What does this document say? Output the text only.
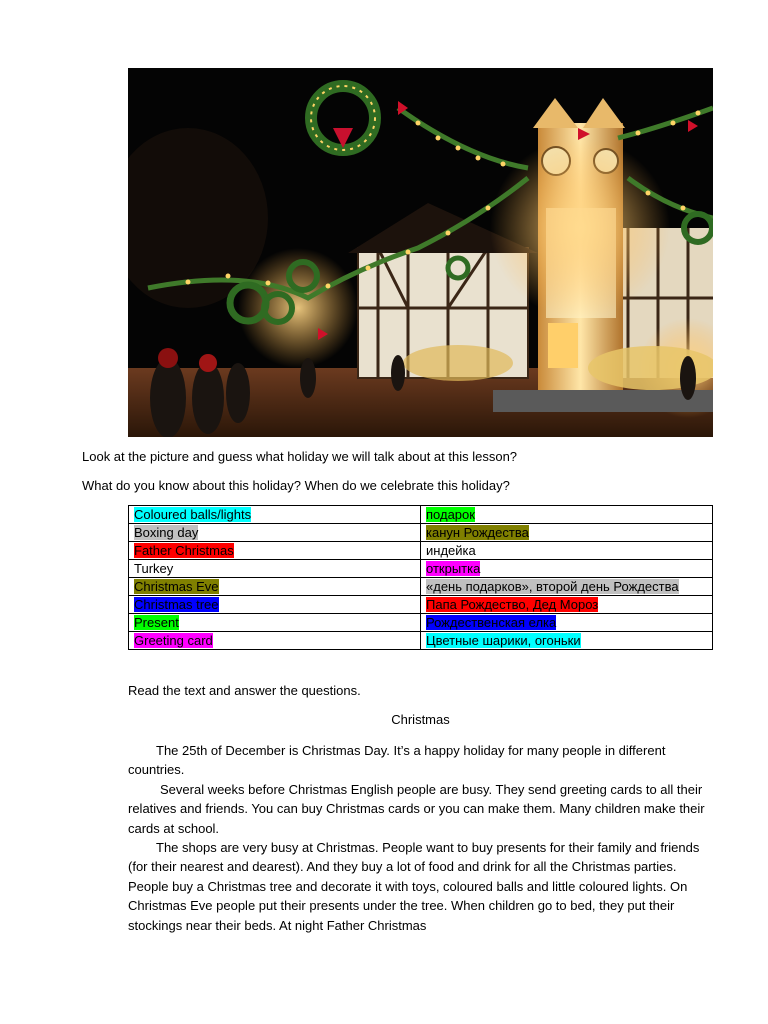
Look at the picture and guess what holiday we will talk about at this lesson?
What do you know about this holiday? When do we celebrate this holiday?
Coloured balls/lights	подарок
Boxing day	канун Рождества
Father Christmas	индейка
Turkey	открытка
Christmas Eve	«день подарков», второй день Рождества
Christmas tree	Папа Рождество, Дед Мороз
Present	Рождественская елка
Greeting card	Цветные шарики, огоньки
Read the text and answer the questions.
Christmas

The 25th of December is Christmas Day. It’s a happy holiday for many people in different countries.

Several weeks before Christmas English people are busy. They send greeting cards to all their relatives and friends. You can buy Christmas cards or you can make them. Many children make their cards at school.

The shops are very busy at Christmas. People want to buy presents for their family and friends (for their nearest and dearest). And they buy a lot of food and drink for all the Christmas parties. People buy a Christmas tree and decorate it with toys, coloured balls and little coloured lights. On Christmas Eve people put their presents under the tree. When children go to bed, they put their stockings near their beds. At night Father Christmas
